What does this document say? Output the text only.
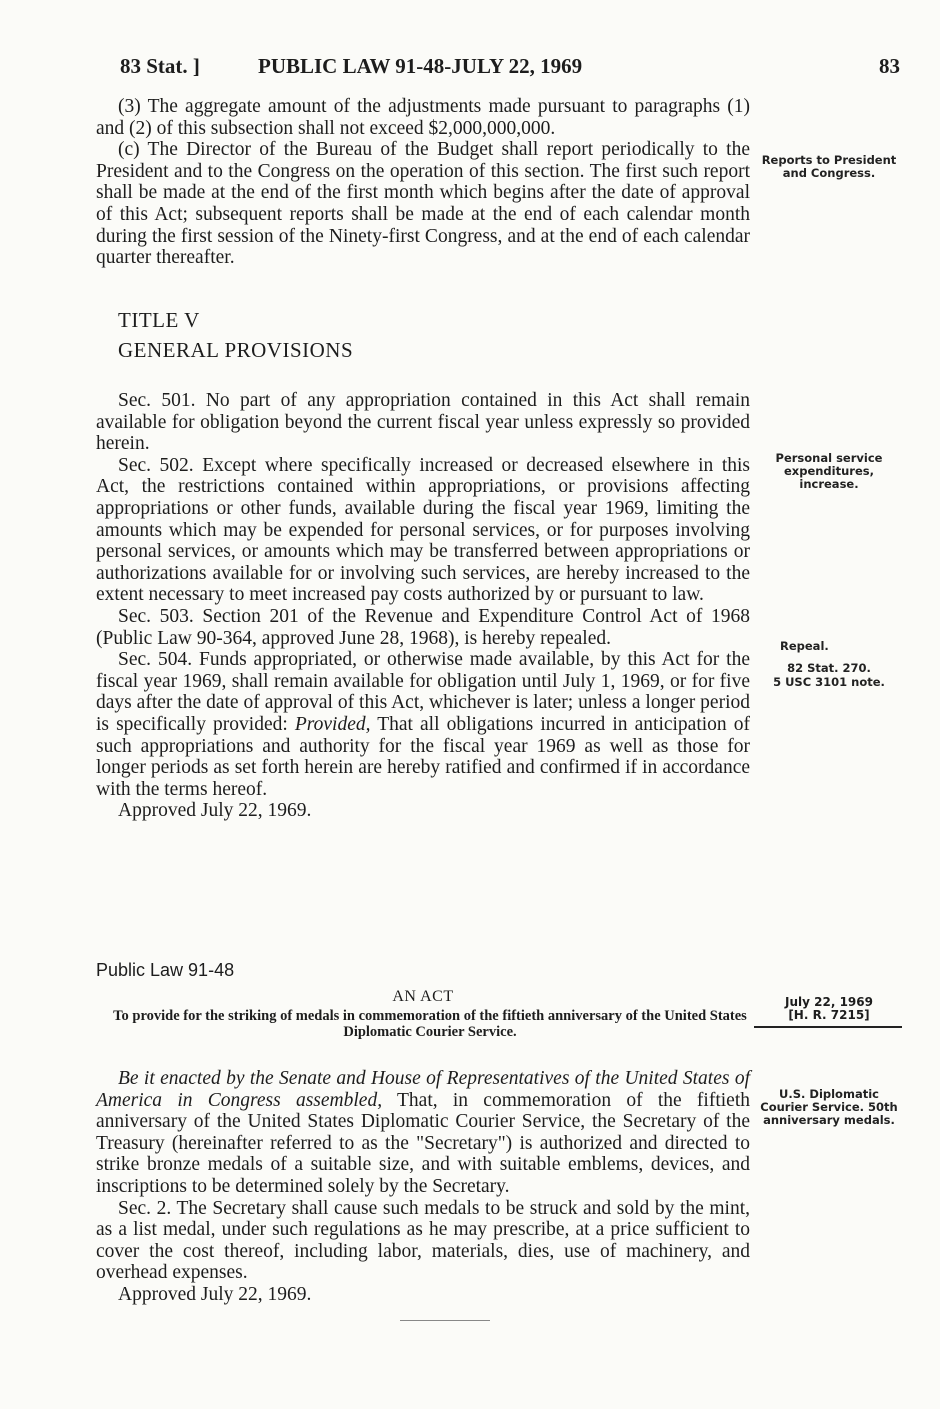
83 Stat. ]	PUBLIC LAW 91-48-JULY 22, 1969	83

(3) The aggregate amount of the adjustments made pursuant to paragraphs (1) and (2) of this subsection shall not exceed $2,000,000,000.

(c) The Director of the Bureau of the Budget shall report periodically to the President and to the Congress on the operation of this section. The first such report shall be made at the end of the first month which begins after the date of approval of this Act; subsequent reports shall be made at the end of each calendar month during the first session of the Ninety-first Congress, and at the end of each calendar quarter thereafter.

TITLE V

GENERAL PROVISIONS

Sec. 501. No part of any appropriation contained in this Act shall remain available for obligation beyond the current fiscal year unless expressly so provided herein.

Sec. 502. Except where specifically increased or decreased elsewhere in this Act, the restrictions contained within appropriations, or provisions affecting appropriations or other funds, available during the fiscal year 1969, limiting the amounts which may be expended for personal services, or for purposes involving personal services, or amounts which may be transferred between appropriations or authorizations available for or involving such services, are hereby increased to the extent necessary to meet increased pay costs authorized by or pursuant to law.

Sec. 503. Section 201 of the Revenue and Expenditure Control Act of 1968 (Public Law 90-364, approved June 28, 1968), is hereby repealed.

Sec. 504. Funds appropriated, or otherwise made available, by this Act for the fiscal year 1969, shall remain available for obligation until July 1, 1969, or for five days after the date of approval of this Act, whichever is later; unless a longer period is specifically provided: Provided, That all obligations incurred in anticipation of such appropriations and authority for the fiscal year 1969 as well as those for longer periods as set forth herein are hereby ratified and confirmed if in accordance with the terms hereof.

Approved July 22, 1969.

Reports to President and Congress.
Personal service expenditures, increase.
Repeal.
82 Stat. 270.
5 USC 3101 note.
Public Law 91-48
AN ACT
To provide for the striking of medals in commemoration of the fiftieth anniversary of the United States Diplomatic Courier Service.
July 22, 1969
[H. R. 7215]

Be it enacted by the Senate and House of Representatives of the United States of America in Congress assembled, That, in commemoration of the fiftieth anniversary of the United States Diplomatic Courier Service, the Secretary of the Treasury (hereinafter referred to as the "Secretary") is authorized and directed to strike bronze medals of a suitable size, and with suitable emblems, devices, and inscriptions to be determined solely by the Secretary.

Sec. 2. The Secretary shall cause such medals to be struck and sold by the mint, as a list medal, under such regulations as he may prescribe, at a price sufficient to cover the cost thereof, including labor, materials, dies, use of machinery, and overhead expenses.

Approved July 22, 1969.

U.S. Diplomatic Courier Service. 50th anniversary medals.
